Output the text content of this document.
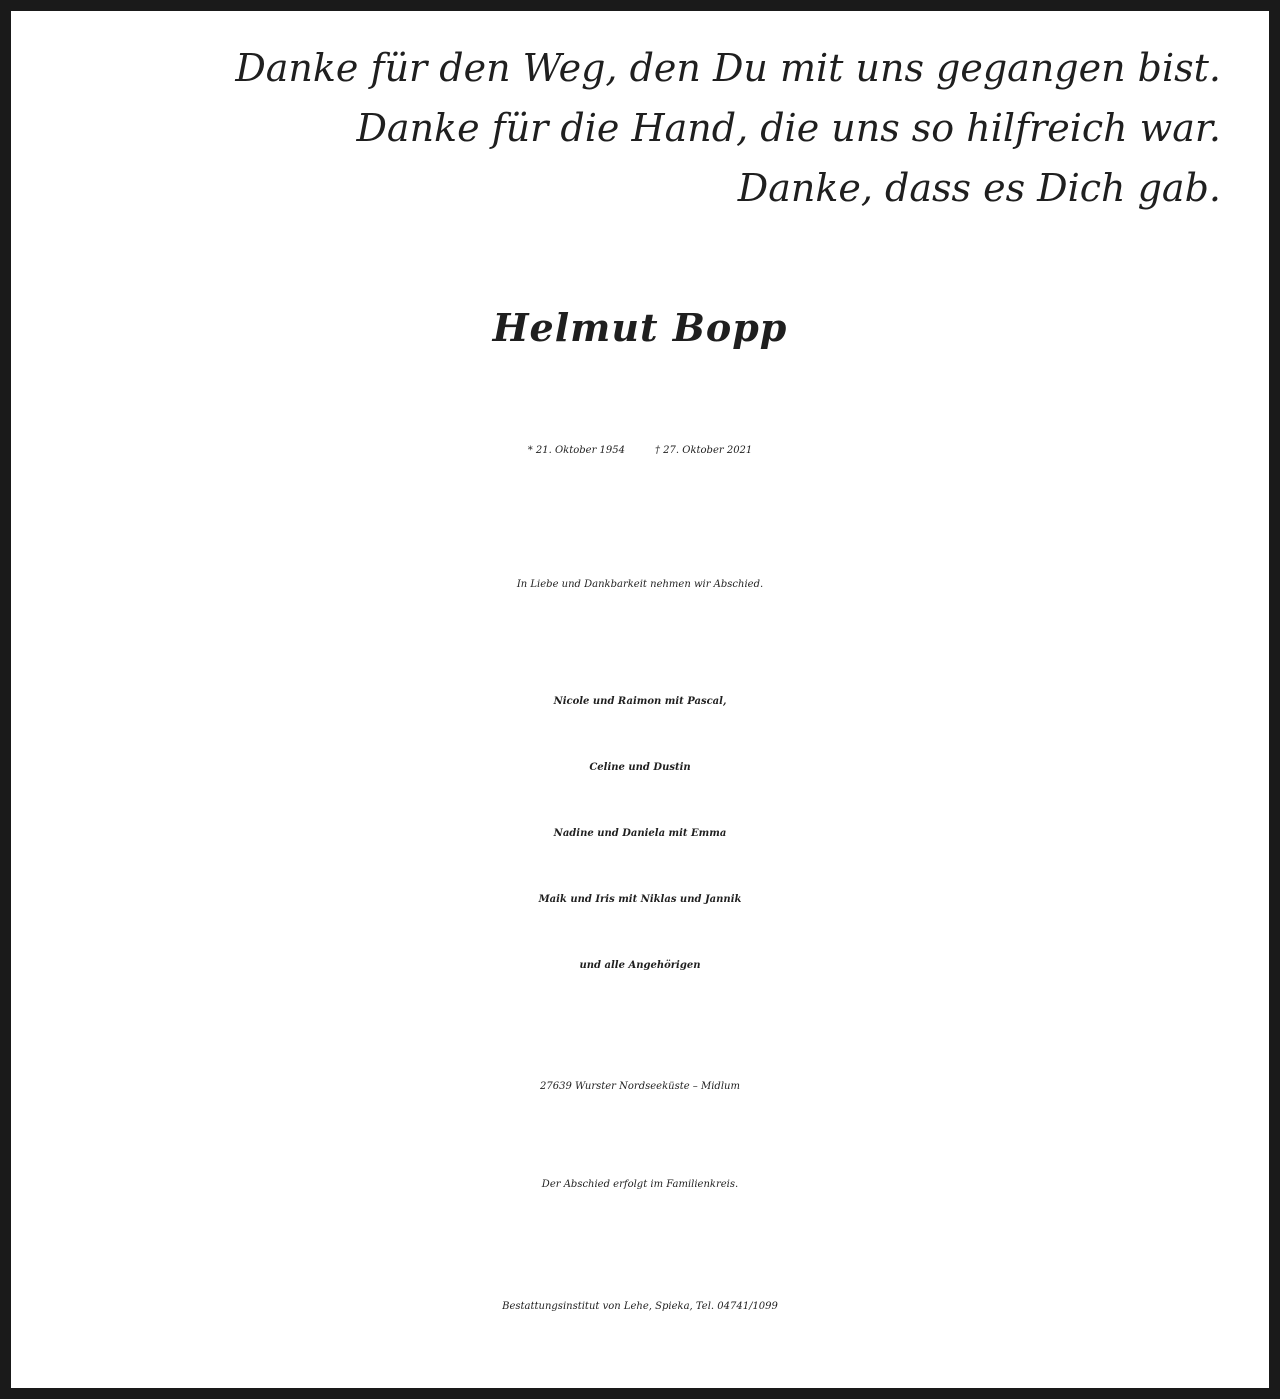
Danke für den Weg, den Du mit uns gegangen bist.
Danke für die Hand, die uns so hilfreich war.
Danke, dass es Dich gab.
Helmut Bopp
* 21. Oktober 1954	† 27. Oktober 2021
In Liebe und Dankbarkeit nehmen wir Abschied.
Nicole und Raimon mit Pascal,
Celine und Dustin
Nadine und Daniela mit Emma
Maik und Iris mit Niklas und Jannik
und alle Angehörigen
27639 Wurster Nordseeküste – Midlum
Der Abschied erfolgt im Familienkreis.
Bestattungsinstitut von Lehe, Spieka, Tel. 04741/1099
